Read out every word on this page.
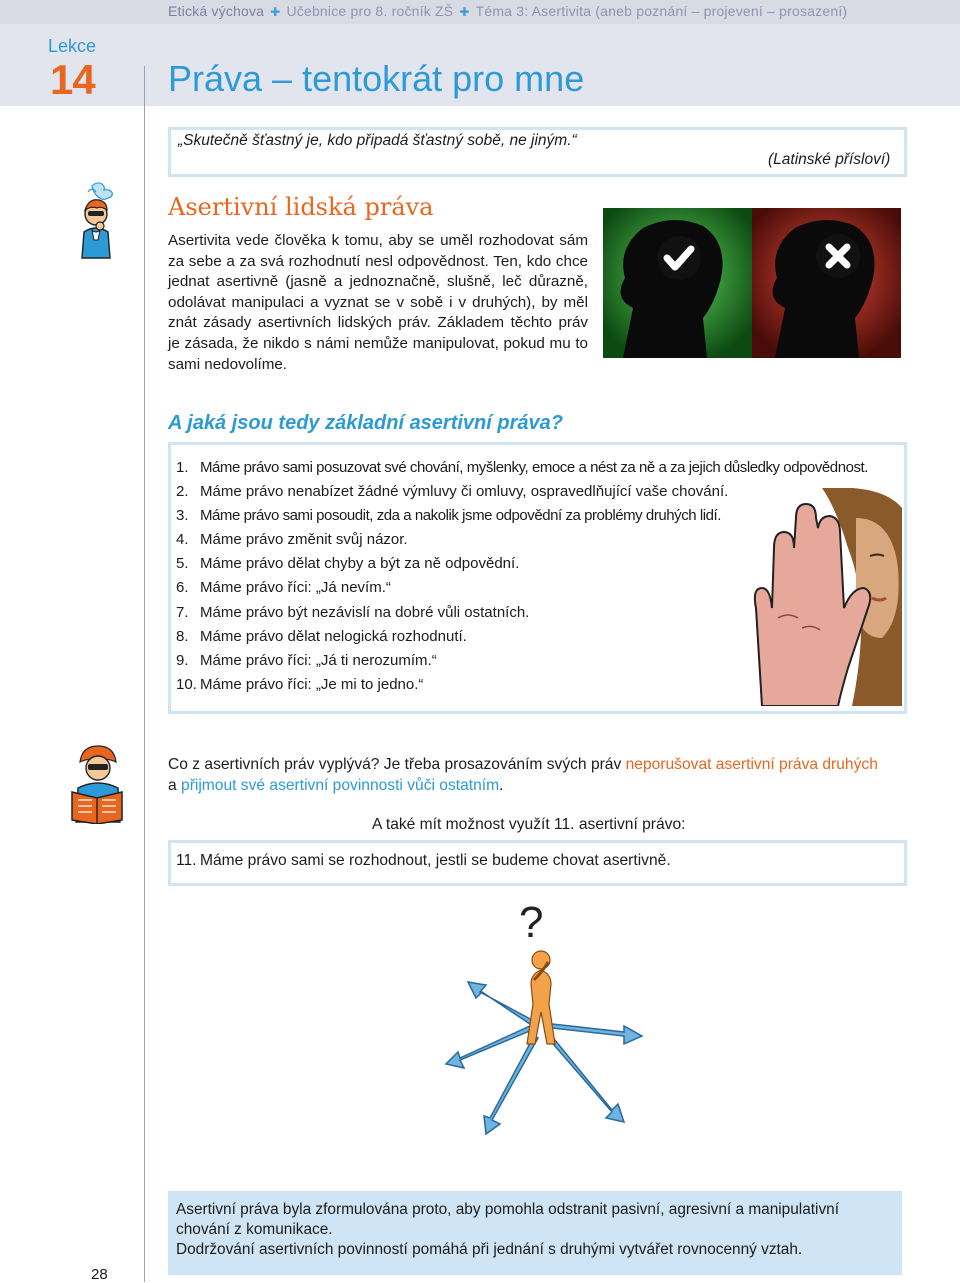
Etická výchova ✚ Učebnice pro 8. ročník ZŠ ✚ Téma 3: Asertivita (aneb poznání – projevení – prosazení)
Lekce
14 Práva – tentokrát pro mne
„Skutečně šťastný je, kdo připadá šťastný sobě, ne jiným.“
(Latinské přísloví)
Asertivní lidská práva
Asertivita vede člověka k tomu, aby se uměl rozhodovat sám za sebe a za svá rozhodnutí nesl odpovědnost. Ten, kdo chce jednat asertivně (jasně a jednoznačně, slušně, leč důrazně, odolávat manipulaci a vyznat se v sobě i v druhých), by měl znát zásady asertivních lidských práv. Základem těchto práv je zásada, že nikdo s námi nemůže manipulovat, pokud mu to sami nedovolíme.
A jaká jsou tedy základní asertivní práva?
1. Máme právo sami posuzovat své chování, myšlenky, emoce a nést za ně a za jejich důsledky odpovědnost.
2. Máme právo nenabízet žádné výmluvy či omluvy, ospravedlňující vaše chování.
3. Máme právo sami posoudit, zda a nakolik jsme odpovědní za problémy druhých lidí.
4. Máme právo změnit svůj názor.
5. Máme právo dělat chyby a být za ně odpovědní.
6. Máme právo říci: „Já nevím.“
7. Máme právo být nezávislí na dobré vůli ostatních.
8. Máme právo dělat nelogická rozhodnutí.
9. Máme právo říci: „Já ti nerozumím.“
10. Máme právo říci: „Je mi to jedno.“
Co z asertivních práv vyplývá? Je třeba prosazováním svých práv neporušovat asertivní práva druhých
a přijmout své asertivní povinnosti vůči ostatním.
A také mít možnost využít 11. asertivní právo:
11. Máme právo sami se rozhodnout, jestli se budeme chovat asertivně.
?
Asertivní práva byla zformulována proto, aby pomohla odstranit pasivní, agresivní a manipulativní chování z komunikace.
Dodržování asertivních povinností pomáhá při jednání s druhými vytvářet rovnocenný vztah.
28
